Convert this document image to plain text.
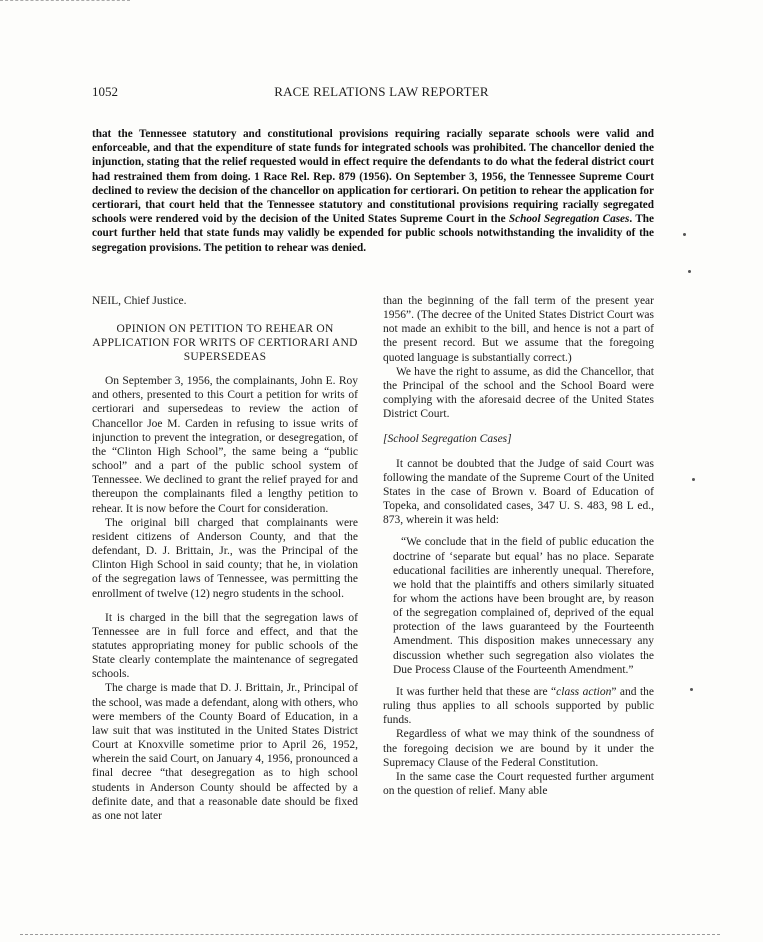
1052	RACE RELATIONS LAW REPORTER
that the Tennessee statutory and constitutional provisions requiring racially separate schools were valid and enforceable, and that the expenditure of state funds for integrated schools was prohibited. The chancellor denied the injunction, stating that the relief requested would in effect require the defendants to do what the federal district court had restrained them from doing. 1 Race Rel. Rep. 879 (1956). On September 3, 1956, the Tennessee Supreme Court declined to review the decision of the chancellor on application for certiorari. On petition to rehear the application for certiorari, that court held that the Tennessee statutory and constitutional provisions requiring racially segregated schools were rendered void by the decision of the United States Supreme Court in the School Segregation Cases. The court further held that state funds may validly be expended for public schools notwithstanding the invalidity of the segregation provisions. The petition to rehear was denied.

NEIL, Chief Justice.

OPINION ON PETITION TO REHEAR ON APPLICATION FOR WRITS OF CERTIORARI AND SUPERSEDEAS

On September 3, 1956, the complainants, John E. Roy and others, presented to this Court a petition for writs of certiorari and supersedeas to review the action of Chancellor Joe M. Carden in refusing to issue writs of injunction to prevent the integration, or desegregation, of the “Clinton High School”, the same being a “public school” and a part of the public school system of Tennessee. We declined to grant the relief prayed for and thereupon the complainants filed a lengthy petition to rehear. It is now before the Court for consideration.

The original bill charged that complainants were resident citizens of Anderson County, and that the defendant, D. J. Brittain, Jr., was the Principal of the Clinton High School in said county; that he, in violation of the segregation laws of Tennessee, was permitting the enrollment of twelve (12) negro students in the school.

It is charged in the bill that the segregation laws of Tennessee are in full force and effect, and that the statutes appropriating money for public schools of the State clearly contemplate the maintenance of segregated schools.

The charge is made that D. J. Brittain, Jr., Principal of the school, was made a defendant, along with others, who were members of the County Board of Education, in a law suit that was instituted in the United States District Court at Knoxville sometime prior to April 26, 1952, wherein the said Court, on January 4, 1956, pronounced a final decree “that desegregation as to high school students in Anderson County should be affected by a definite date, and that a reasonable date should be fixed as one not later

than the beginning of the fall term of the present year 1956”. (The decree of the United States District Court was not made an exhibit to the bill, and hence is not a part of the present record. But we assume that the foregoing quoted language is substantially correct.)

We have the right to assume, as did the Chancellor, that the Principal of the school and the School Board were complying with the aforesaid decree of the United States District Court.

[School Segregation Cases]

It cannot be doubted that the Judge of said Court was following the mandate of the Supreme Court of the United States in the case of Brown v. Board of Education of Topeka, and consolidated cases, 347 U. S. 483, 98 L ed., 873, wherein it was held:

“We conclude that in the field of public education the doctrine of ‘separate but equal’ has no place. Separate educational facilities are inherently unequal. Therefore, we hold that the plaintiffs and others similarly situated for whom the actions have been brought are, by reason of the segregation complained of, deprived of the equal protection of the laws guaranteed by the Fourteenth Amendment. This disposition makes unnecessary any discussion whether such segregation also violates the Due Process Clause of the Fourteenth Amendment.”

It was further held that these are “class action” and the ruling thus applies to all schools supported by public funds.

Regardless of what we may think of the soundness of the foregoing decision we are bound by it under the Supremacy Clause of the Federal Constitution.

In the same case the Court requested further argument on the question of relief. Many able
